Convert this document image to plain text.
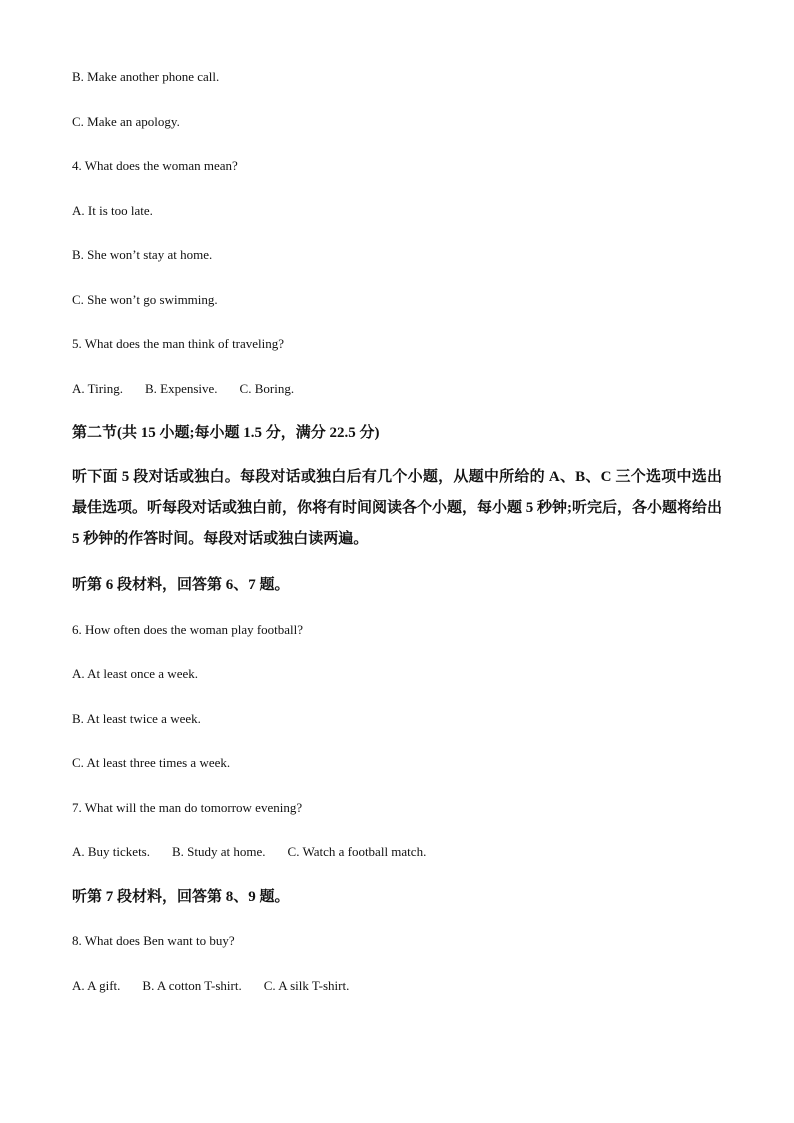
B. Make another phone call.
C. Make an apology.
4. What does the woman mean?
A. It is too late.
B. She won’t stay at home.
C. She won’t go swimming.
5. What does the man think of traveling?
A. Tiring. B. Expensive. C. Boring.
第二节(共 15 小题;每小题 1.5 分，满分 22.5 分)
听下面 5 段对话或独白。每段对话或独白后有几个小题，从题中所给的 A、B、C 三个选项中选出最佳选项。听每段对话或独白前，你将有时间阅读各个小题，每小题 5 秒钟;听完后，各小题将给出 5 秒钟的作答时间。每段对话或独白读两遍。
听第 6 段材料，回答第 6、7 题。
6. How often does the woman play football?
A. At least once a week.
B. At least twice a week.
C. At least three times a week.
7. What will the man do tomorrow evening?
A. Buy tickets. B. Study at home. C. Watch a football match.
听第 7 段材料，回答第 8、9 题。
8. What does Ben want to buy?
A. A gift. B. A cotton T-shirt. C. A silk T-shirt.
